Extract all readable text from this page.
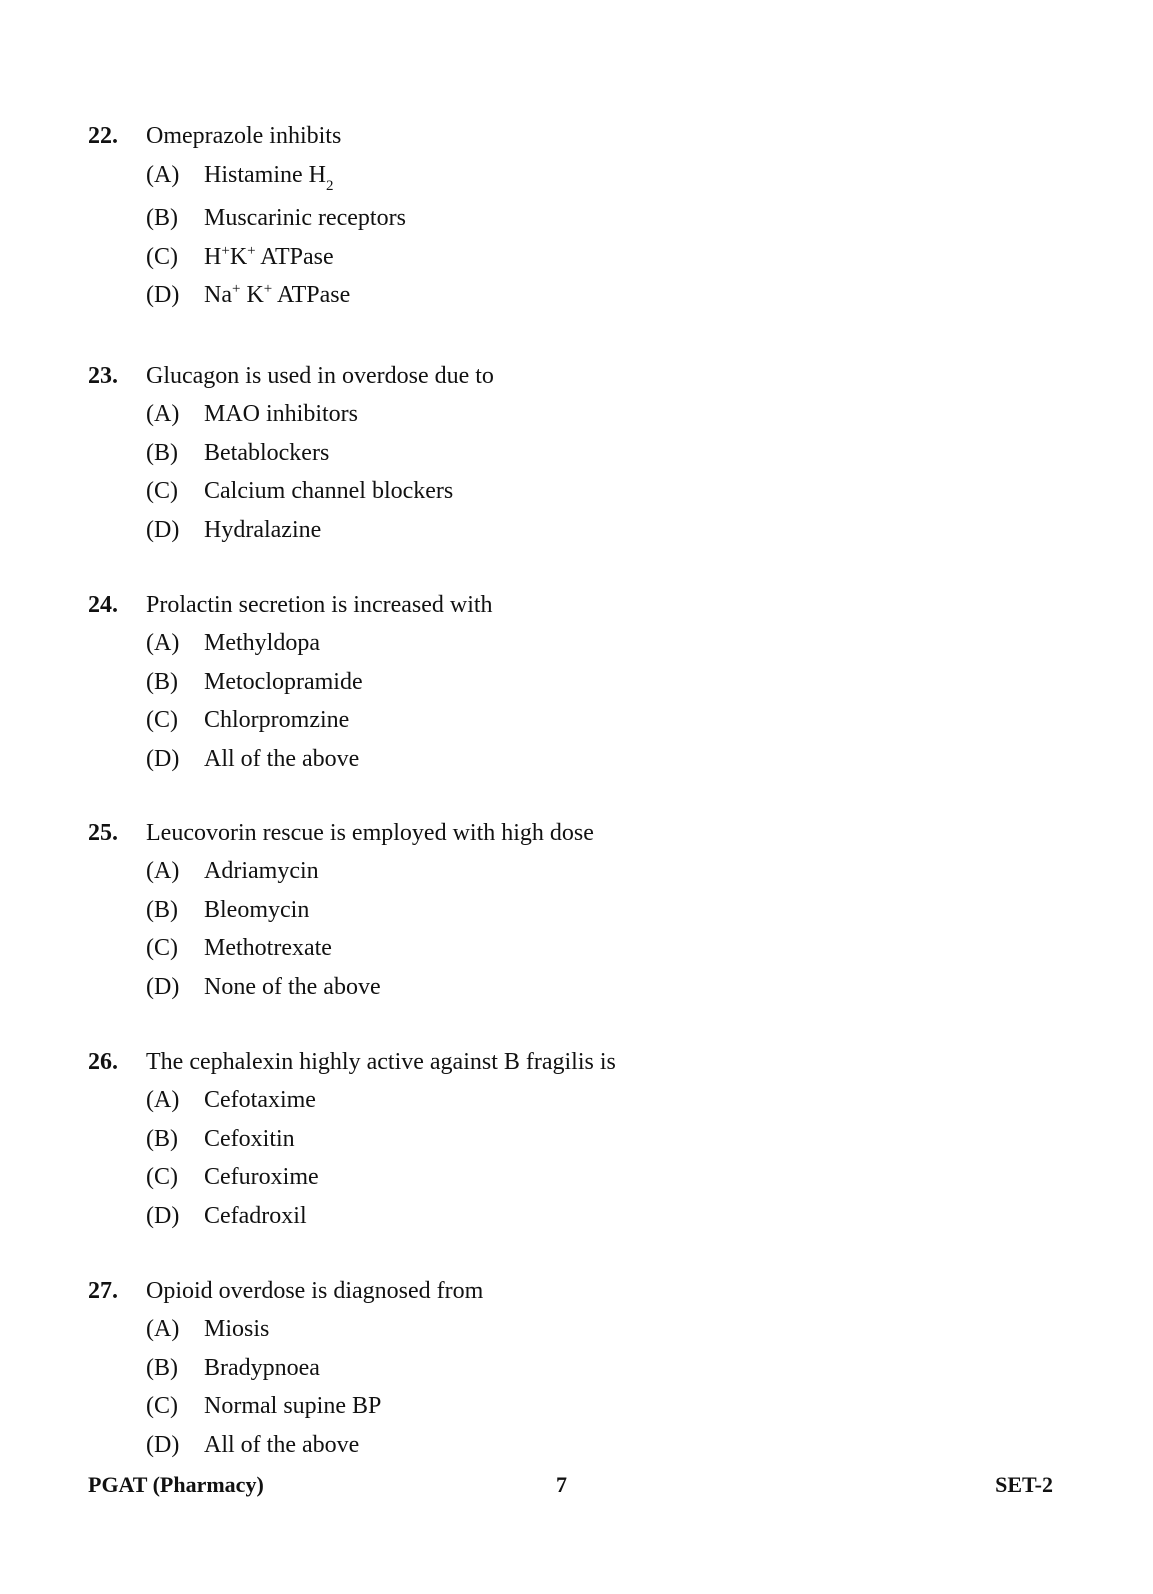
22. Omeprazole inhibits
(A) Histamine $H_2$
(B) Muscarinic receptors
(C) H+K+ ATPase
(D) Na+ K+ ATPase
23. Glucagon is used in overdose due to
(A) MAO inhibitors
(B) Betablockers
(C) Calcium channel blockers
(D) Hydralazine
24. Prolactin secretion is increased with
(A) Methyldopa
(B) Metoclopramide
(C) Chlorpromzine
(D) All of the above
25. Leucovorin rescue is employed with high dose
(A) Adriamycin
(B) Bleomycin
(C) Methotrexate
(D) None of the above
26. The cephalexin highly active against B fragilis is
(A) Cefotaxime
(B) Cefoxitin
(C) Cefuroxime
(D) Cefadroxil
27. Opioid overdose is diagnosed from
(A) Miosis
(B) Bradypnoea
(C) Normal supine BP
(D) All of the above
PGAT (Pharmacy)	7	SET-2
